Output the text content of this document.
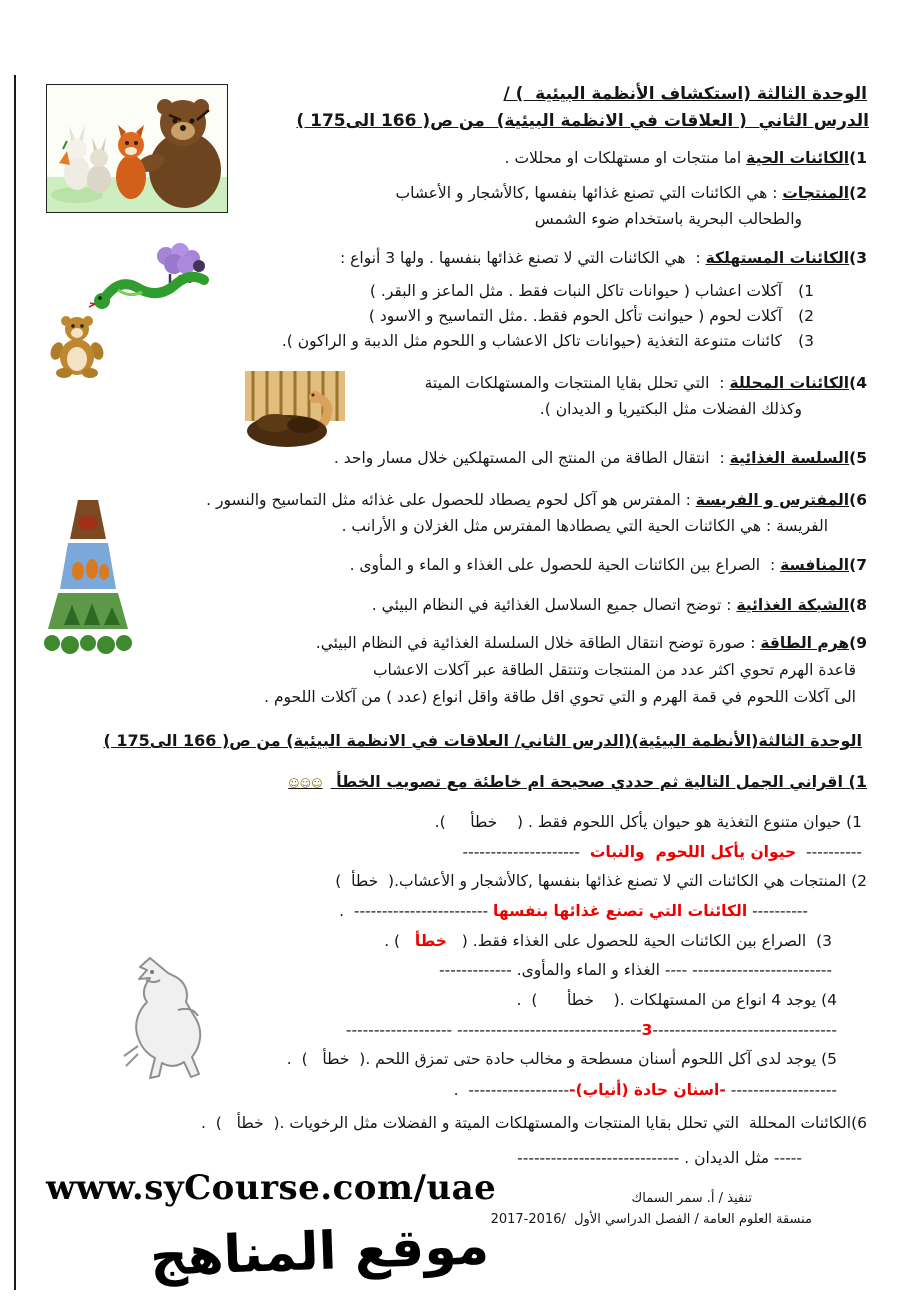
الوحدة الثالثة (استكشاف الأنظمة البيئية  ) /
الدرس الثاني  ( العلاقات في الانظمة البيئية)  من ص( 166 الى175 )
1)الكائنات الحية اما منتجات او مستهلكات او محللات .
2)المنتجات : هي الكائنات التي تصنع غذائها بنفسها ,كالأشجار و الأعشاب
والطحالب البحرية باستخدام ضوء الشمس
3)الكائنات المستهلكة :  هي الكائنات التي لا تصنع غذائها بنفسها . ولها 3 أنواع :
1)آكلات اعشاب ( حيوانات تاكل النبات فقط . مثل الماعز و البقر. )
2)آكلات لحوم ( حيوانت تأكل الحوم فقط. .مثل التماسيح و الاسود )
3)كائنات متنوعة التغذية (حيوانات تاكل الاعشاب و اللحوم مثل الدببة و الراكون ).
4)الكائنات المحللة :  التي تحلل بقايا المنتجات والمستهلكات الميتة
وكذلك الفضلات مثل البكتيريا و الديدان ).
5)السلسة الغذائية :  انتقال الطاقة من المنتج الى المستهلكين خلال مسار واحد .
6)المفترس و الفريسة : المفترس هو آكل لحوم يصطاد للحصول على غذائه مثل التماسيح والنسور .
الفريسة : هي الكائنات الحية التي يصطادها المفترس مثل الغزلان و الأرانب .
7)المنافسة :  الصراع بين الكائنات الحية للحصول على الغذاء و الماء و المأوى .
8)الشبكة الغذائية : توضح اتصال جميع السلاسل الغذائية في النظام البيئي .
9)هرم الطاقة : صورة توضح انتقال الطاقة خلال السلسلة الغذائية في النظام البيئي.
قاعدة الهرم تحوي اكثر عدد من المنتجات وتنتقل الطاقة عبر آكلات الاعشاب
الى آكلات اللحوم في قمة الهرم و التي تحوي اقل طاقة واقل انواع (عدد ) من آكلات اللحوم .
الوحدة الثالثة(الأنظمة البيئية)(الدرس الثاني/ العلاقات في الانظمة البيئية) من ص( 166 الى175 )
1) اقراني الجمل التالية ثم حددي صحيحة ام خاطئة مع تصويب الخطأ ☺☺☺
1) حيوان متنوع التغذية هو حيوان يأكل اللحوم فقط . (    خطأ     ).
----------  حيوان يأكل اللحوم  والنبات  ---------------------
2) المنتجات هي الكائنات التي لا تصنع غذائها بنفسها ,كالأشجار و الأعشاب.(  خطأ  )
---------- الكائنات التي تصنع غذائها بنفسها ------------------------  .
3)  الصراع بين الكائنات الحية للحصول على الغذاء فقط. (   خطأ   ) .
------------------------- ---- الغذاء و الماء والمأوى. -------------
4) يوجد 4 انواع من المستهلكات .(    خطأ      )  .
---------------------------------3--------------------------------- -------------------
5) يوجد لدى آكل اللحوم أسنان مسطحة و مخالب حادة حتى تمزق اللحم .(  خطأ   )  .
------------------- -اسنان حادة (أنياب)-------------------  .
6)الكائنات المحللة  التي تحلل بقايا المنتجات والمستهلكات الميتة و الفضلات مثل الرخويات .(  خطأ   )  .
----- مثل الديدان . -----------------------------
www.syCourse.com/uae	تنفيذ / أ. سمر السماك
منسقة العلوم العامة / الفصل الدراسي الأول  /2016-2017
موقع المناهج
